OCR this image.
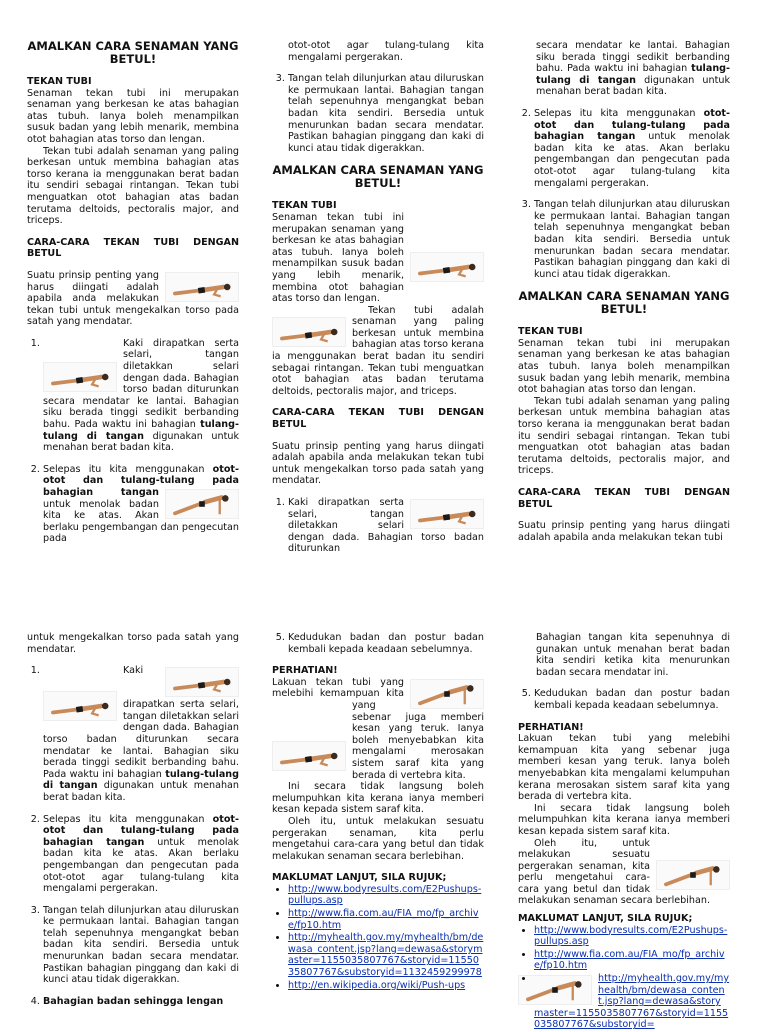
AMALKAN CARA SENAMAN YANG BETUL!

TEKAN TUBI

Senaman tekan tubi ini merupakan senaman yang berkesan ke atas bahagian atas tubuh. Ianya boleh menampilkan susuk badan yang lebih menarik, membina otot bahagian atas torso dan lengan.

Tekan tubi adalah senaman yang paling berkesan untuk membina bahagian atas torso kerana ia menggunakan berat badan itu sendiri sebagai rintangan. Tekan tubi menguatkan otot bahagian atas badan terutama deltoids, pectoralis major, and triceps.

CARA-CARA TEKAN TUBI DENGAN BETUL

Suatu prinsip penting yang harus diingati adalah apabila anda melakukan tekan tubi untuk mengekalkan torso pada satah yang mendatar.

1. Kaki dirapatkan serta selari, tangan diletakkan selari dengan dada. Bahagian torso badan diturunkan secara mendatar ke lantai. Bahagian siku berada tinggi sedikit berbanding bahu. Pada waktu ini bahagian tulang-tulang di tangan digunakan untuk menahan berat badan kita.
2. Selepas itu kita menggunakan otot-otot dan tulang-tulang pada bahagian tangan
untuk menolak badan kita ke atas. Akan berlaku pengembangan dan pengecutan pada

otot-otot agar tulang-tulang kita mengalami pergerakan.

3. Tangan telah dilunjurkan atau diluruskan ke permukaan lantai. Bahagian tangan telah sepenuhnya mengangkat beban badan kita sendiri. Bersedia untuk menurunkan badan secara mendatar. Pastikan bahagian pinggang dan kaki di kunci atau tidak digerakkan.

AMALKAN CARA SENAMAN YANG BETUL!

TEKAN TUBI

Senaman tekan tubi ini merupakan senaman yang berkesan ke atas bahagian atas tubuh. Ianya boleh menampilkan susuk badan yang lebih menarik, membina otot bahagian atas torso dan lengan.

Tekan tubi adalah senaman yang paling berkesan untuk membina bahagian atas torso kerana ia menggunakan berat badan itu sendiri sebagai rintangan. Tekan tubi menguatkan otot bahagian atas badan terutama deltoids, pectoralis major, and triceps.

CARA-CARA TEKAN TUBI DENGAN BETUL

Suatu prinsip penting yang harus diingati adalah apabila anda melakukan tekan tubi untuk mengekalkan torso pada satah yang mendatar.

1. Kaki dirapatkan serta selari, tangan diletakkan selari dengan dada. Bahagian torso badan diturunkan

secara mendatar ke lantai. Bahagian siku berada tinggi sedikit berbanding bahu. Pada waktu ini bahagian tulang-tulang di tangan digunakan untuk menahan berat badan kita.

2. Selepas itu kita menggunakan otot-otot dan tulang-tulang pada bahagian tangan untuk menolak badan kita ke atas. Akan berlaku pengembangan dan pengecutan pada otot-otot agar tulang-tulang kita mengalami pergerakan.
3. Tangan telah dilunjurkan atau diluruskan ke permukaan lantai. Bahagian tangan telah sepenuhnya mengangkat beban badan kita sendiri. Bersedia untuk menurunkan badan secara mendatar. Pastikan bahagian pinggang dan kaki di kunci atau tidak digerakkan.

AMALKAN CARA SENAMAN YANG BETUL!

TEKAN TUBI

Senaman tekan tubi ini merupakan senaman yang berkesan ke atas bahagian atas tubuh. Ianya boleh menampilkan susuk badan yang lebih menarik, membina otot bahagian atas torso dan lengan.

Tekan tubi adalah senaman yang paling berkesan untuk membina bahagian atas torso kerana ia menggunakan berat badan itu sendiri sebagai rintangan. Tekan tubi menguatkan otot bahagian atas badan terutama deltoids, pectoralis major, and triceps.

CARA-CARA TEKAN TUBI DENGAN BETUL

Suatu prinsip penting yang harus diingati adalah apabila anda melakukan tekan tubi

untuk mengekalkan torso pada satah yang mendatar.

1. Kaki dirapatkan serta selari, tangan diletakkan selari dengan dada. Bahagian torso badan diturunkan secara mendatar ke lantai. Bahagian siku berada tinggi sedikit berbanding bahu. Pada waktu ini bahagian tulang-tulang di tangan digunakan untuk menahan berat badan kita.
2. Selepas itu kita menggunakan otot-otot dan tulang-tulang pada bahagian tangan untuk menolak badan kita ke atas. Akan berlaku pengembangan dan pengecutan pada otot-otot agar tulang-tulang kita mengalami pergerakan.
3. Tangan telah dilunjurkan atau diluruskan ke permukaan lantai. Bahagian tangan telah sepenuhnya mengangkat beban badan kita sendiri. Bersedia untuk menurunkan badan secara mendatar. Pastikan bahagian pinggang dan kaki di kunci atau tidak digerakkan.
4. Bahagian badan sehingga lengan
5. Kedudukan badan dan postur badan kembali kepada keadaan sebelumnya.

PERHATIAN!

Lakuan tekan tubi yang melebihi kemampuan kita yang sebenar juga memberi kesan yang teruk. Ianya boleh menyebabkan kita mengalami merosakan sistem saraf kita yang berada di vertebra kita.

Ini secara tidak langsung boleh melumpuhkan kita kerana ianya memberi kesan kepada sistem saraf kita.

Oleh itu, untuk melakukan sesuatu pergerakan senaman, kita perlu mengetahui cara-cara yang betul dan tidak melakukan senaman secara berlebihan.

MAKLUMAT LANJUT, SILA RUJUK;

• http://www.bodyresults.com/E2Pushups-pullups.asp
• http://www.fia.com.au/FIA_mo/fp_archive/fp10.htm
• http://myhealth.gov.my/myhealth/bm/dewasa_content.jsp?lang=dewasa&storymaster=1155035807767&storyid=1155035807767&substoryid=1132459299978
• http://en.wikipedia.org/wiki/Push-ups

Bahagian tangan kita sepenuhnya di gunakan untuk menahan berat badan kita sendiri ketika kita menurunkan badan secara mendatar ini.

5. Kedudukan badan dan postur badan kembali kepada keadaan sebelumnya.

PERHATIAN!

Lakuan tekan tubi yang melebihi kemampuan kita yang sebenar juga memberi kesan yang teruk. Ianya boleh menyebabkan kita mengalami kelumpuhan kerana merosakan sistem saraf kita yang berada di vertebra kita.

Ini secara tidak langsung boleh melumpuhkan kita kerana ianya memberi kesan kepada sistem saraf kita.

Oleh itu, untuk melakukan sesuatu pergerakan senaman, kita perlu mengetahui cara-cara yang betul dan tidak melakukan senaman secara berlebihan.

MAKLUMAT LANJUT, SILA RUJUK;

• http://www.bodyresults.com/E2Pushups-pullups.asp
• http://www.fia.com.au/FIA_mo/fp_archive/fp10.htm
• http://myhealth.gov.my/myhealth/bm/dewasa_content.jsp?lang=dewasa&storymaster=1155035807767&storyid=1155035807767&substoryid=
